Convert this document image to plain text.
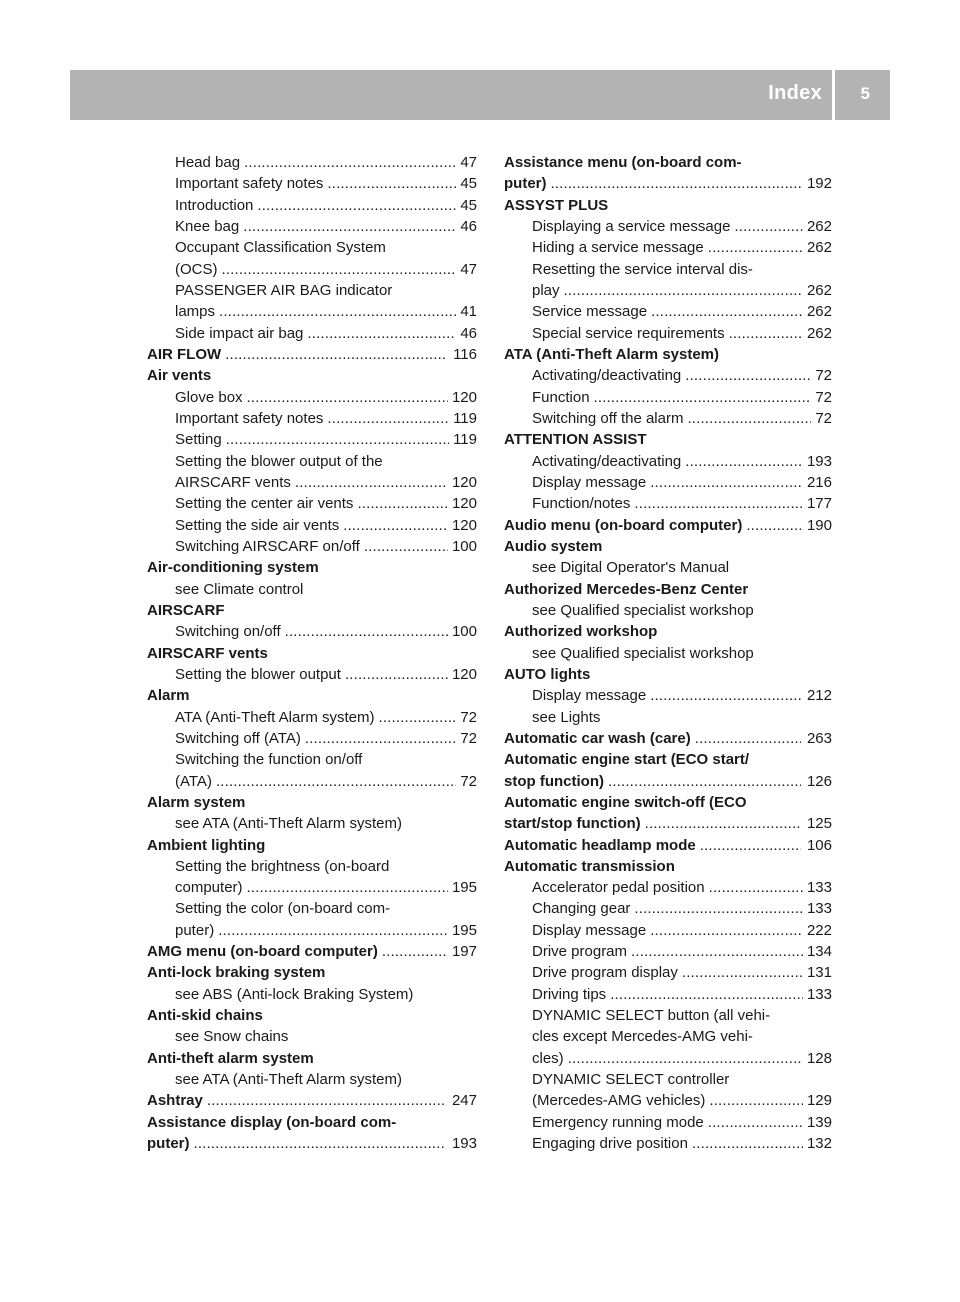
Index 5
Head bag . . .	47
Important safety notes . . .	45
Introduction . . .	45
Knee bag . . .	46
Occupant Classification System
(OCS) . . .	47
PASSENGER AIR BAG indicator
lamps . . .	41
Side impact air bag . . .	46
AIR FLOW . . .	116
Air vents
Glove box . . .	120
Important safety notes . . .	119
Setting . . .	119
Setting the blower output of the
AIRSCARF vents . . .	120
Setting the center air vents . . .	120
Setting the side air vents . . .	120
Switching AIRSCARF on/off . . .	100
Air-conditioning system
see Climate control
AIRSCARF
Switching on/off . . .	100
AIRSCARF vents
Setting the blower output . . .	120
Alarm
ATA (Anti-Theft Alarm system) . . .	72
Switching off (ATA) . . .	72
Switching the function on/off
(ATA) . . .	72
Alarm system
see ATA (Anti-Theft Alarm system)
Ambient lighting
Setting the brightness (on-board
computer) . . .	195
Setting the color (on-board com-
puter) . . .	195
AMG menu (on-board computer) . . .	197
Anti-lock braking system
see ABS (Anti-lock Braking System)
Anti-skid chains
see Snow chains
Anti-theft alarm system
see ATA (Anti-Theft Alarm system)
Ashtray . . .	247
Assistance display (on-board com-
puter) . . .	193
Assistance menu (on-board com-
puter) . . .	192
ASSYST PLUS
Displaying a service message . . .	262
Hiding a service message . . .	262
Resetting the service interval dis-
play . . .	262
Service message . . .	262
Special service requirements . . .	262
ATA (Anti-Theft Alarm system)
Activating/deactivating . . .	72
Function . . .	72
Switching off the alarm . . .	72
ATTENTION ASSIST
Activating/deactivating . . .	193
Display message . . .	216
Function/notes . . .	177
Audio menu (on-board computer) . . .	190
Audio system
see Digital Operator's Manual
Authorized Mercedes-Benz Center
see Qualified specialist workshop
Authorized workshop
see Qualified specialist workshop
AUTO lights
Display message . . .	212
see Lights
Automatic car wash (care) . . .	263
Automatic engine start (ECO start/
stop function) . . .	126
Automatic engine switch-off (ECO
start/stop function) . . .	125
Automatic headlamp mode . . .	106
Automatic transmission
Accelerator pedal position . . .	133
Changing gear . . .	133
Display message . . .	222
Drive program . . .	134
Drive program display . . .	131
Driving tips . . .	133
DYNAMIC SELECT button (all vehi-
cles except Mercedes-AMG vehi-
cles) . . .	128
DYNAMIC SELECT controller
(Mercedes-AMG vehicles) . . .	129
Emergency running mode . . .	139
Engaging drive position . . .	132
